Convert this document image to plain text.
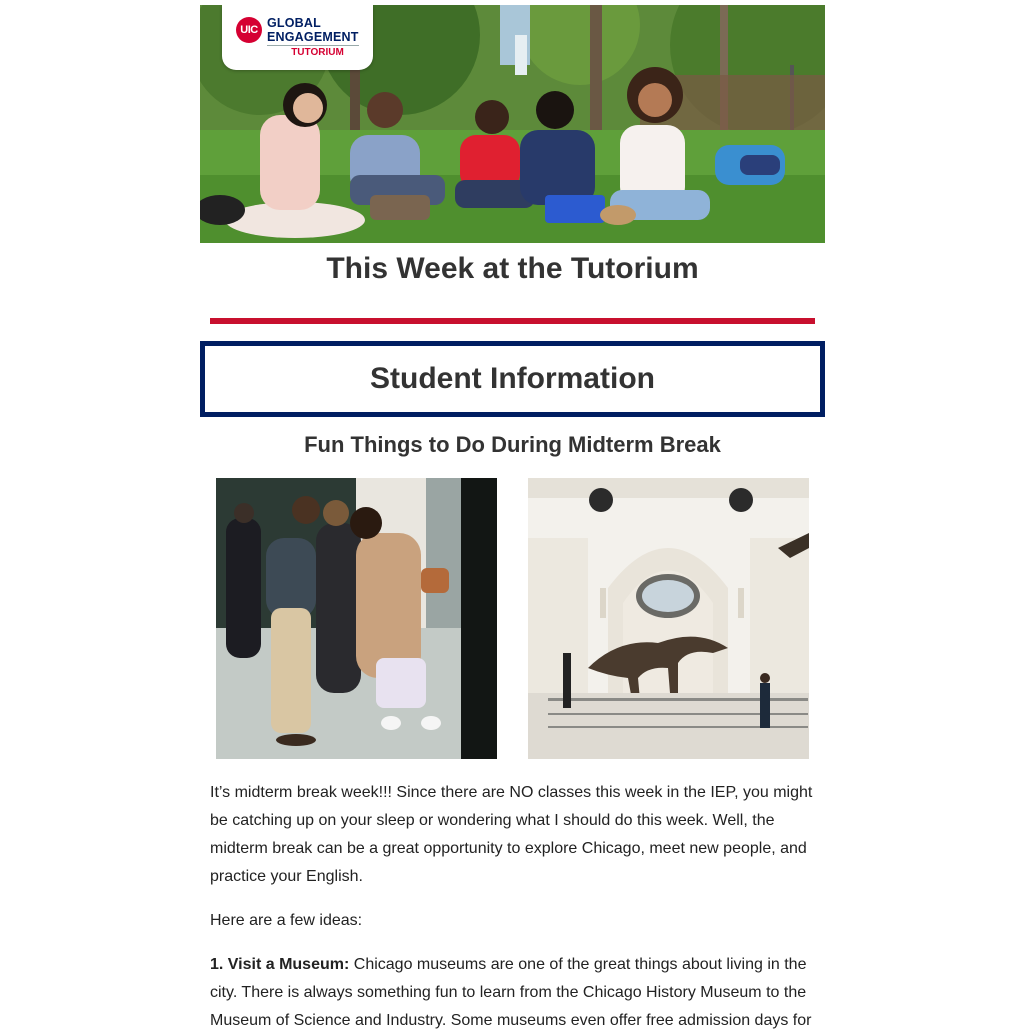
UIC GLOBAL
ENGAGEMENT
TUTORIUM
This Week at the Tutorium
Student Information
Fun Things to Do During Midterm Break

It’s midterm break week!!! Since there are NO classes this week in the IEP, you might be catching up on your sleep or wondering what I should do this week. Well, the midterm break can be a great opportunity to explore Chicago, meet new people, and practice your English.

Here are a few ideas:

1. Visit a Museum: Chicago museums are one of the great things about living in the city. There is always something fun to learn from the Chicago History Museum to the Museum of Science and Industry. Some museums even offer free admission days for
